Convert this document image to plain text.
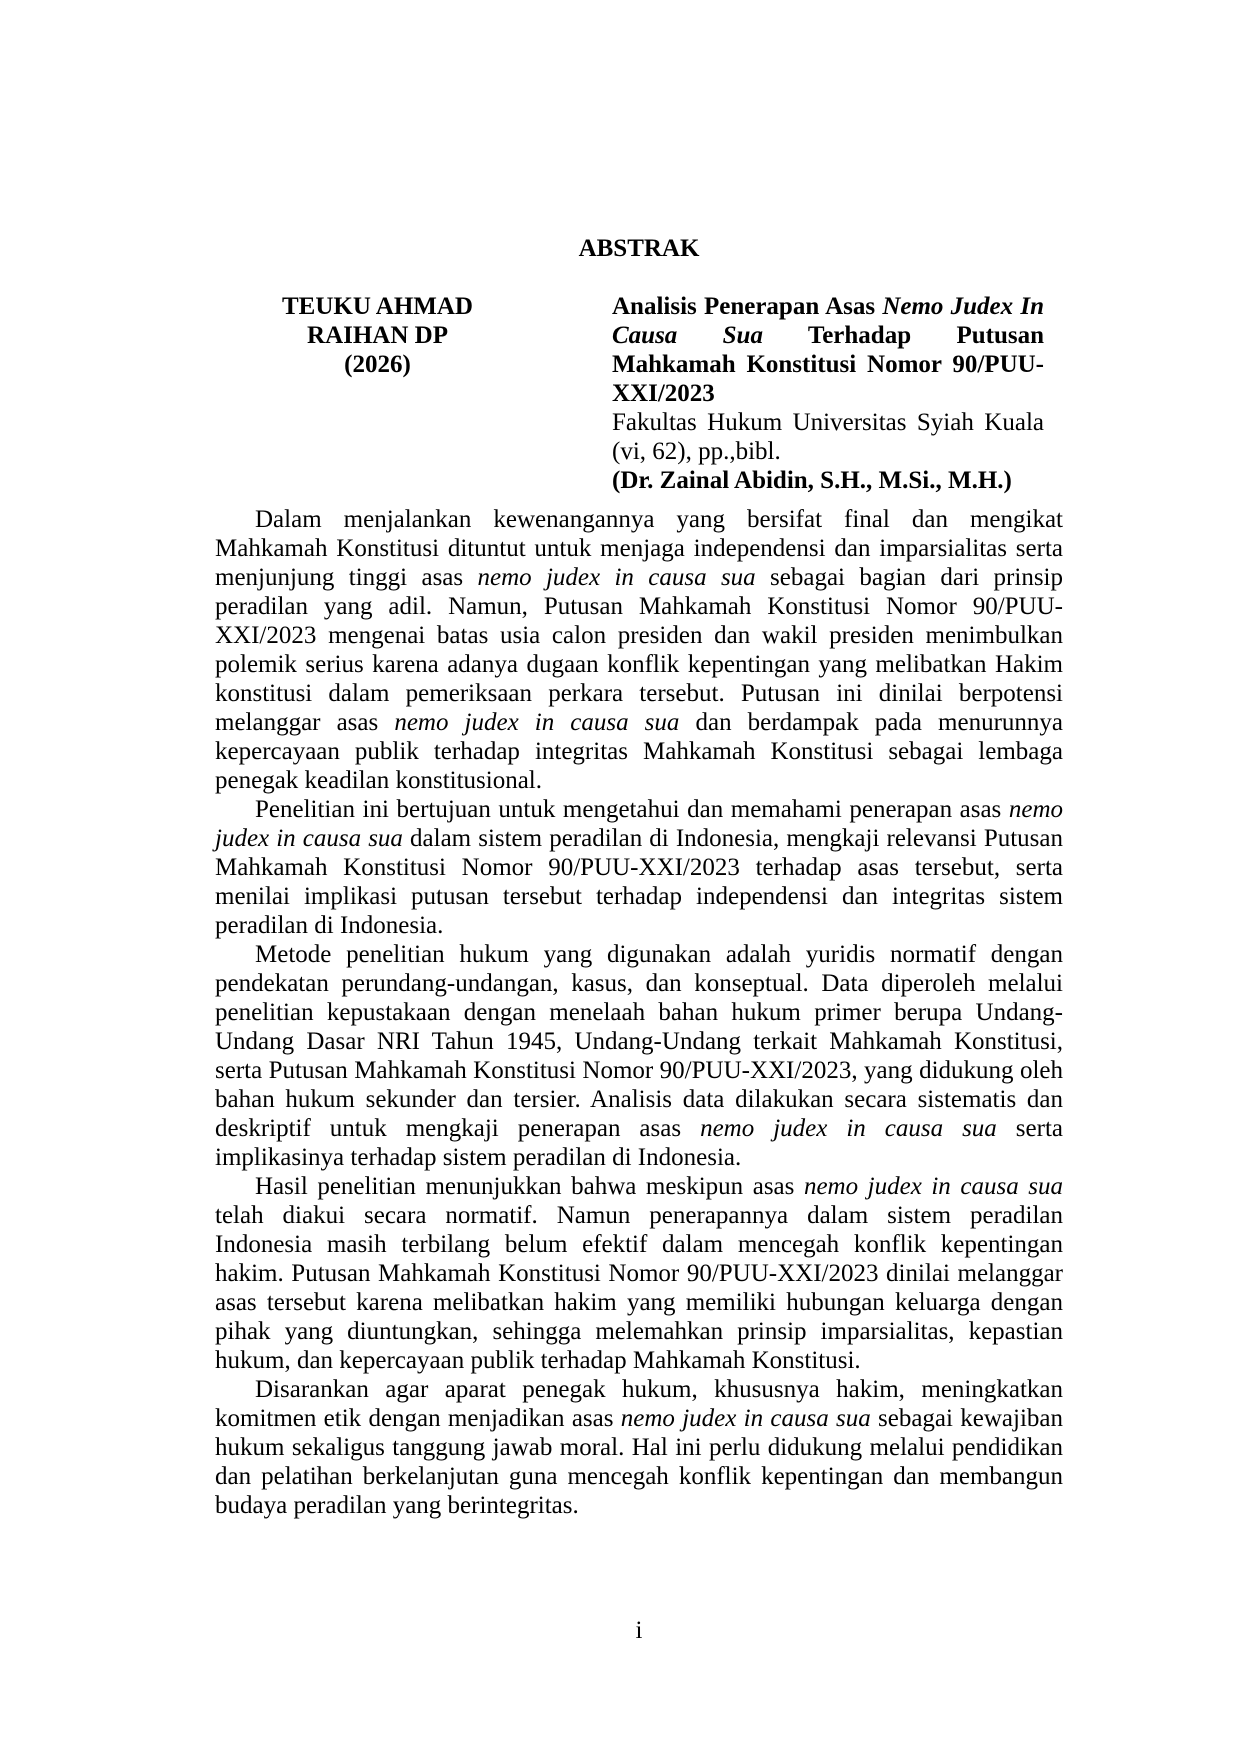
ABSTRAK
TEUKU AHMAD
RAIHAN DP
(2026)
Analisis Penerapan Asas Nemo Judex In
Causa Sua Terhadap Putusan
Mahkamah Konstitusi Nomor 90/PUU-
XXI/2023
Fakultas Hukum Universitas Syiah Kuala
(vi, 62), pp.,bibl.
(Dr. Zainal Abidin, S.H., M.Si., M.H.)

Dalam menjalankan kewenangannya yang bersifat final dan mengikat Mahkamah Konstitusi dituntut untuk menjaga independensi dan imparsialitas serta menjunjung tinggi asas nemo judex in causa sua sebagai bagian dari prinsip peradilan yang adil. Namun, Putusan Mahkamah Konstitusi Nomor 90/PUU-XXI/2023 mengenai batas usia calon presiden dan wakil presiden menimbulkan polemik serius karena adanya dugaan konflik kepentingan yang melibatkan Hakim konstitusi dalam pemeriksaan perkara tersebut. Putusan ini dinilai berpotensi melanggar asas nemo judex in causa sua dan berdampak pada menurunnya kepercayaan publik terhadap integritas Mahkamah Konstitusi sebagai lembaga penegak keadilan konstitusional.

Penelitian ini bertujuan untuk mengetahui dan memahami penerapan asas nemo judex in causa sua dalam sistem peradilan di Indonesia, mengkaji relevansi Putusan Mahkamah Konstitusi Nomor 90/PUU-XXI/2023 terhadap asas tersebut, serta menilai implikasi putusan tersebut terhadap independensi dan integritas sistem peradilan di Indonesia.

Metode penelitian hukum yang digunakan adalah yuridis normatif dengan pendekatan perundang-undangan, kasus, dan konseptual. Data diperoleh melalui penelitian kepustakaan dengan menelaah bahan hukum primer berupa Undang-Undang Dasar NRI Tahun 1945, Undang-Undang terkait Mahkamah Konstitusi, serta Putusan Mahkamah Konstitusi Nomor 90/PUU-XXI/2023, yang didukung oleh bahan hukum sekunder dan tersier. Analisis data dilakukan secara sistematis dan deskriptif untuk mengkaji penerapan asas nemo judex in causa sua serta implikasinya terhadap sistem peradilan di Indonesia.

Hasil penelitian menunjukkan bahwa meskipun asas nemo judex in causa sua telah diakui secara normatif. Namun penerapannya dalam sistem peradilan Indonesia masih terbilang belum efektif dalam mencegah konflik kepentingan hakim. Putusan Mahkamah Konstitusi Nomor 90/PUU-XXI/2023 dinilai melanggar asas tersebut karena melibatkan hakim yang memiliki hubungan keluarga dengan pihak yang diuntungkan, sehingga melemahkan prinsip imparsialitas, kepastian hukum, dan kepercayaan publik terhadap Mahkamah Konstitusi.

Disarankan agar aparat penegak hukum, khususnya hakim, meningkatkan komitmen etik dengan menjadikan asas nemo judex in causa sua sebagai kewajiban hukum sekaligus tanggung jawab moral. Hal ini perlu didukung melalui pendidikan dan pelatihan berkelanjutan guna mencegah konflik kepentingan dan membangun budaya peradilan yang berintegritas.

i
